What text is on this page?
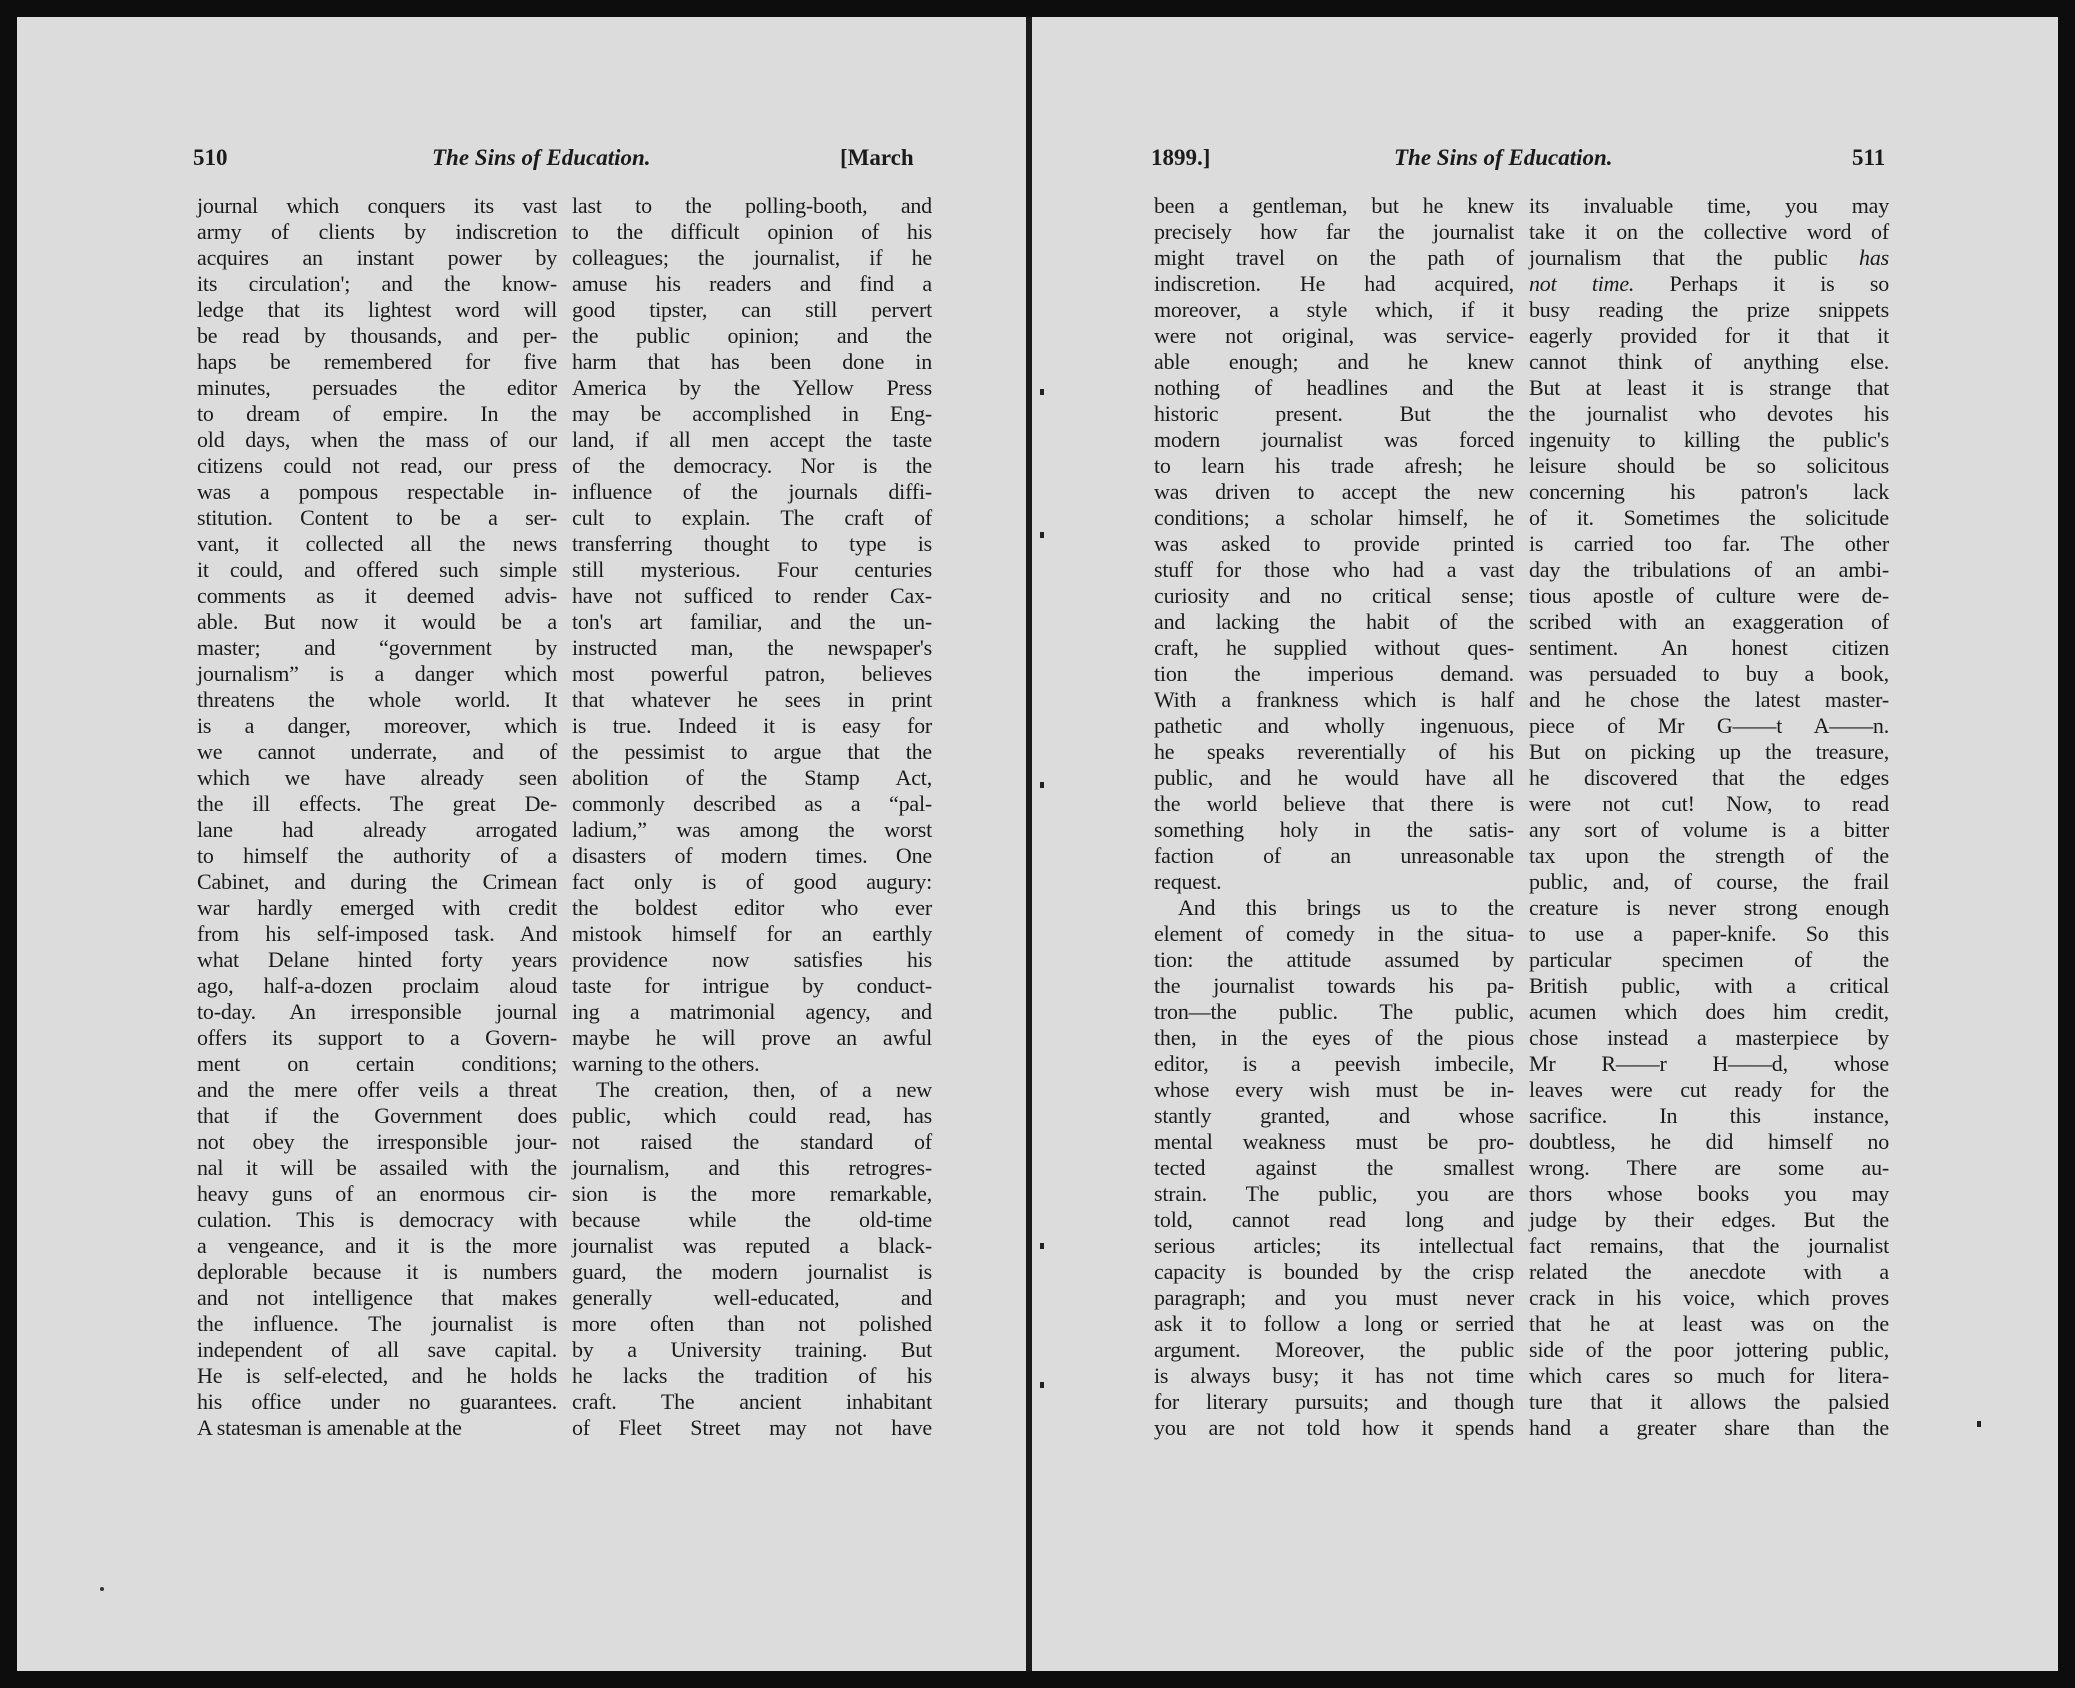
510	The Sins of Education.	[March
journal which conquers its vast
army of clients by indiscretion
acquires an instant power by
its circulation'; and the know-
ledge that its lightest word will
be read by thousands, and per-
haps be remembered for five
minutes, persuades the editor
to dream of empire. In the
old days, when the mass of our
citizens could not read, our press
was a pompous respectable in-
stitution. Content to be a ser-
vant, it collected all the news
it could, and offered such simple
comments as it deemed advis-
able. But now it would be a
master; and “government by
journalism” is a danger which
threatens the whole world. It
is a danger, moreover, which
we cannot underrate, and of
which we have already seen
the ill effects. The great De-
lane had already arrogated
to himself the authority of a
Cabinet, and during the Crimean
war hardly emerged with credit
from his self-imposed task. And
what Delane hinted forty years
ago, half-a-dozen proclaim aloud
to-day. An irresponsible journal
offers its support to a Govern-
ment on certain conditions;
and the mere offer veils a threat
that if the Government does
not obey the irresponsible jour-
nal it will be assailed with the
heavy guns of an enormous cir-
culation. This is democracy with
a vengeance, and it is the more
deplorable because it is numbers
and not intelligence that makes
the influence. The journalist is
independent of all save capital.
He is self-elected, and he holds
his office under no guarantees.
A statesman is amenable at the
last to the polling-booth, and
to the difficult opinion of his
colleagues; the journalist, if he
amuse his readers and find a
good tipster, can still pervert
the public opinion; and the
harm that has been done in
America by the Yellow Press
may be accomplished in Eng-
land, if all men accept the taste
of the democracy. Nor is the
influence of the journals diffi-
cult to explain. The craft of
transferring thought to type is
still mysterious. Four centuries
have not sufficed to render Cax-
ton's art familiar, and the un-
instructed man, the newspaper's
most powerful patron, believes
that whatever he sees in print
is true. Indeed it is easy for
the pessimist to argue that the
abolition of the Stamp Act,
commonly described as a “pal-
ladium,” was among the worst
disasters of modern times. One
fact only is of good augury:
the boldest editor who ever
mistook himself for an earthly
providence now satisfies his
taste for intrigue by conduct-
ing a matrimonial agency, and
maybe he will prove an awful
warning to the others.
The creation, then, of a new
public, which could read, has
not raised the standard of
journalism, and this retrogres-
sion is the more remarkable,
because while the old-time
journalist was reputed a black-
guard, the modern journalist is
generally well-educated, and
more often than not polished
by a University training. But
he lacks the tradition of his
craft. The ancient inhabitant
of Fleet Street may not have
1899.]	The Sins of Education.	511
been a gentleman, but he knew
precisely how far the journalist
might travel on the path of
indiscretion. He had acquired,
moreover, a style which, if it
were not original, was service-
able enough; and he knew
nothing of headlines and the
historic present. But the
modern journalist was forced
to learn his trade afresh; he
was driven to accept the new
conditions; a scholar himself, he
was asked to provide printed
stuff for those who had a vast
curiosity and no critical sense;
and lacking the habit of the
craft, he supplied without ques-
tion the imperious demand.
With a frankness which is half
pathetic and wholly ingenuous,
he speaks reverentially of his
public, and he would have all
the world believe that there is
something holy in the satis-
faction of an unreasonable
request.
And this brings us to the
element of comedy in the situa-
tion: the attitude assumed by
the journalist towards his pa-
tron—the public. The public,
then, in the eyes of the pious
editor, is a peevish imbecile,
whose every wish must be in-
stantly granted, and whose
mental weakness must be pro-
tected against the smallest
strain. The public, you are
told, cannot read long and
serious articles; its intellectual
capacity is bounded by the crisp
paragraph; and you must never
ask it to follow a long or serried
argument. Moreover, the public
is always busy; it has not time
for literary pursuits; and though
you are not told how it spends
its invaluable time, you may
take it on the collective word of
journalism that the public has
not time. Perhaps it is so
busy reading the prize snippets
eagerly provided for it that it
cannot think of anything else.
But at least it is strange that
the journalist who devotes his
ingenuity to killing the public's
leisure should be so solicitous
concerning his patron's lack
of it. Sometimes the solicitude
is carried too far. The other
day the tribulations of an ambi-
tious apostle of culture were de-
scribed with an exaggeration of
sentiment. An honest citizen
was persuaded to buy a book,
and he chose the latest master-
piece of Mr G——t A——n.
But on picking up the treasure,
he discovered that the edges
were not cut! Now, to read
any sort of volume is a bitter
tax upon the strength of the
public, and, of course, the frail
creature is never strong enough
to use a paper-knife. So this
particular specimen of the
British public, with a critical
acumen which does him credit,
chose instead a masterpiece by
Mr R——r H——d, whose
leaves were cut ready for the
sacrifice. In this instance,
doubtless, he did himself no
wrong. There are some au-
thors whose books you may
judge by their edges. But the
fact remains, that the journalist
related the anecdote with a
crack in his voice, which proves
that he at least was on the
side of the poor jottering public,
which cares so much for litera-
ture that it allows the palsied
hand a greater share than the
